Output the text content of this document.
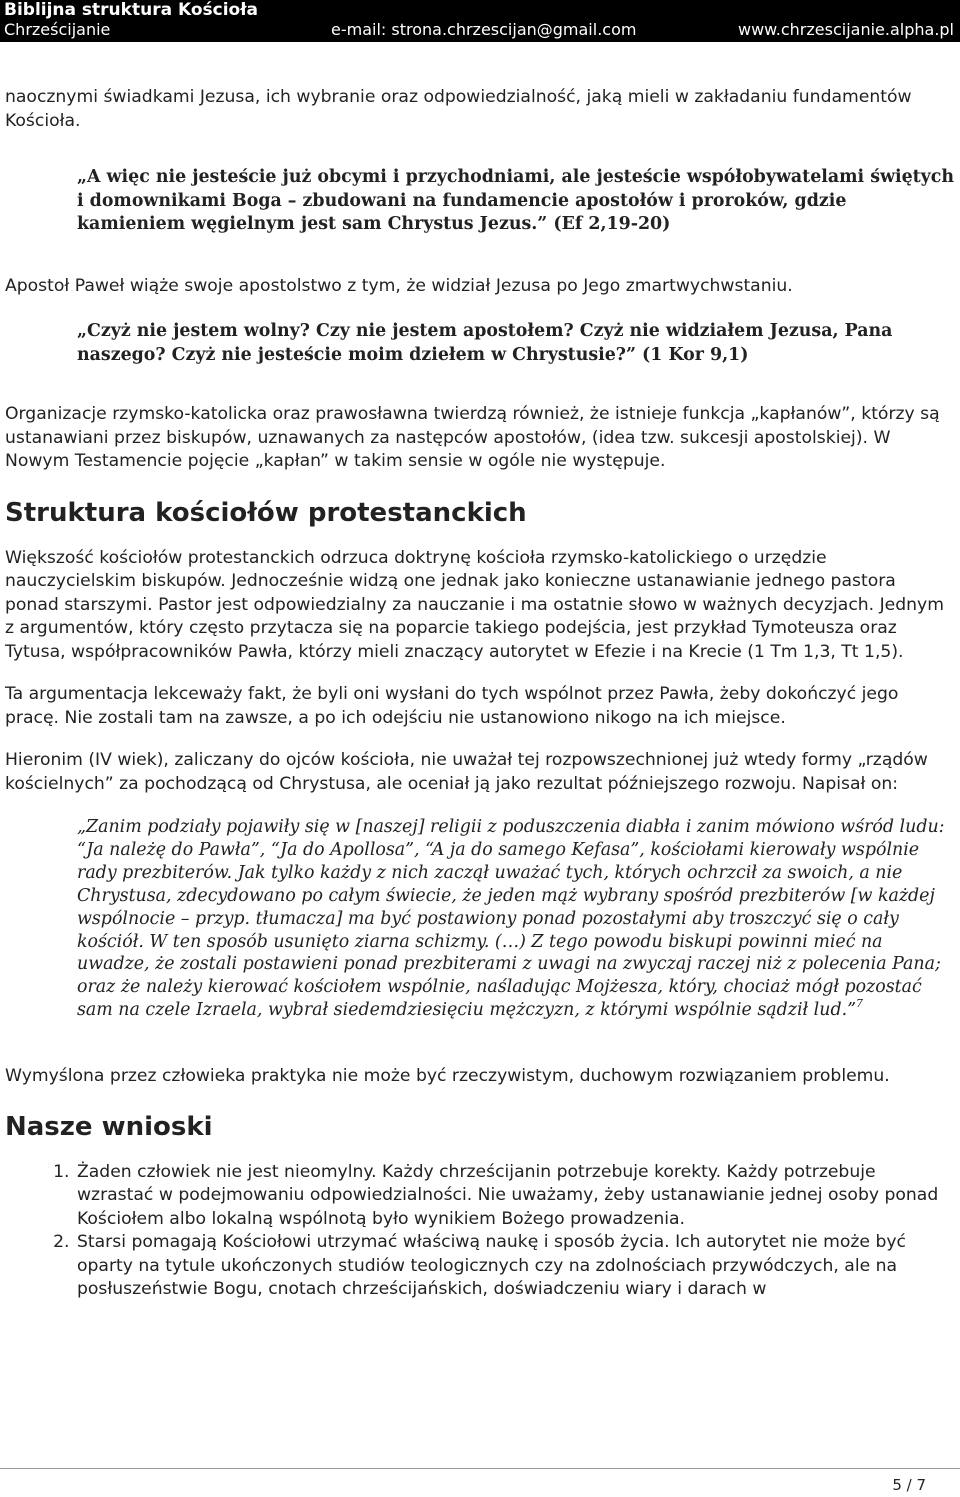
Biblijna struktura Kościoła
Chrześcijanie	e-mail: strona.chrzescijan@gmail.com	www.chrzescijanie.alpha.pl

naocznymi świadkami Jezusa, ich wybranie oraz odpowiedzialność, jaką mieli w zakładaniu fundamentów Kościoła.

„A więc nie jesteście już obcymi i przychodniami, ale jesteście współobywatelami świętych i domownikami Boga – zbudowani na fundamencie apostołów i proroków, gdzie kamieniem węgielnym jest sam Chrystus Jezus.” (Ef 2,19-20)

Apostoł Paweł wiąże swoje apostolstwo z tym, że widział Jezusa po Jego zmartwychwstaniu.

„Czyż nie jestem wolny? Czy nie jestem apostołem? Czyż nie widziałem Jezusa, Pana naszego? Czyż nie jesteście moim dziełem w Chrystusie?” (1 Kor 9,1)

Organizacje rzymsko-katolicka oraz prawosławna twierdzą również, że istnieje funkcja „kapłanów”, którzy są ustanawiani przez biskupów, uznawanych za następców apostołów, (idea tzw. sukcesji apostolskiej). W Nowym Testamencie pojęcie „kapłan” w takim sensie w ogóle nie występuje.

Struktura kościołów protestanckich

Większość kościołów protestanckich odrzuca doktrynę kościoła rzymsko-katolickiego o urzędzie nauczycielskim biskupów. Jednocześnie widzą one jednak jako konieczne ustanawianie jednego pastora ponad starszymi. Pastor jest odpowiedzialny za nauczanie i ma ostatnie słowo w ważnych decyzjach. Jednym z argumentów, który często przytacza się na poparcie takiego podejścia, jest przykład Tymoteusza oraz Tytusa, współpracowników Pawła, którzy mieli znaczący autorytet w Efezie i na Krecie (1 Tm 1,3, Tt 1,5).

Ta argumentacja lekceważy fakt, że byli oni wysłani do tych wspólnot przez Pawła, żeby dokończyć jego pracę. Nie zostali tam na zawsze, a po ich odejściu nie ustanowiono nikogo na ich miejsce.

Hieronim (IV wiek), zaliczany do ojców kościoła, nie uważał tej rozpowszechnionej już wtedy formy „rządów kościelnych” za pochodzącą od Chrystusa, ale oceniał ją jako rezultat późniejszego rozwoju. Napisał on:

„Zanim podziały pojawiły się w [naszej] religii z poduszczenia diabła i zanim mówiono wśród ludu: “Ja należę do Pawła”, “Ja do Apollosa”, “A ja do samego Kefasa”, kościołami kierowały wspólnie rady prezbiterów. Jak tylko każdy z nich zaczął uważać tych, których ochrzcił za swoich, a nie Chrystusa, zdecydowano po całym świecie, że jeden mąż wybrany spośród prezbiterów [w każdej wspólnocie – przyp. tłumacza] ma być postawiony ponad pozostałymi aby troszczyć się o cały kościół. W ten sposób usunięto ziarna schizmy. (…) Z tego powodu biskupi powinni mieć na uwadze, że zostali postawieni ponad prezbiterami z uwagi na zwyczaj raczej niż z polecenia Pana; oraz że należy kierować kościołem wspólnie, naśladując Mojżesza, który, chociaż mógł pozostać sam na czele Izraela, wybrał siedemdziesięciu mężczyzn, z którymi wspólnie sądził lud.”$^7$

Wymyślona przez człowieka praktyka nie może być rzeczywistym, duchowym rozwiązaniem problemu.

Nasze wnioski
1. Żaden człowiek nie jest nieomylny. Każdy chrześcijanin potrzebuje korekty. Każdy potrzebuje wzrastać w podejmowaniu odpowiedzialności. Nie uważamy, żeby ustanawianie jednej osoby ponad Kościołem albo lokalną wspólnotą było wynikiem Bożego prowadzenia.
2. Starsi pomagają Kościołowi utrzymać właściwą naukę i sposób życia. Ich autorytet nie może być oparty na tytule ukończonych studiów teologicznych czy na zdolnościach przywódczych, ale na posłuszeństwie Bogu, cnotach chrześcijańskich, doświadczeniu wiary i darach w
5 / 7
